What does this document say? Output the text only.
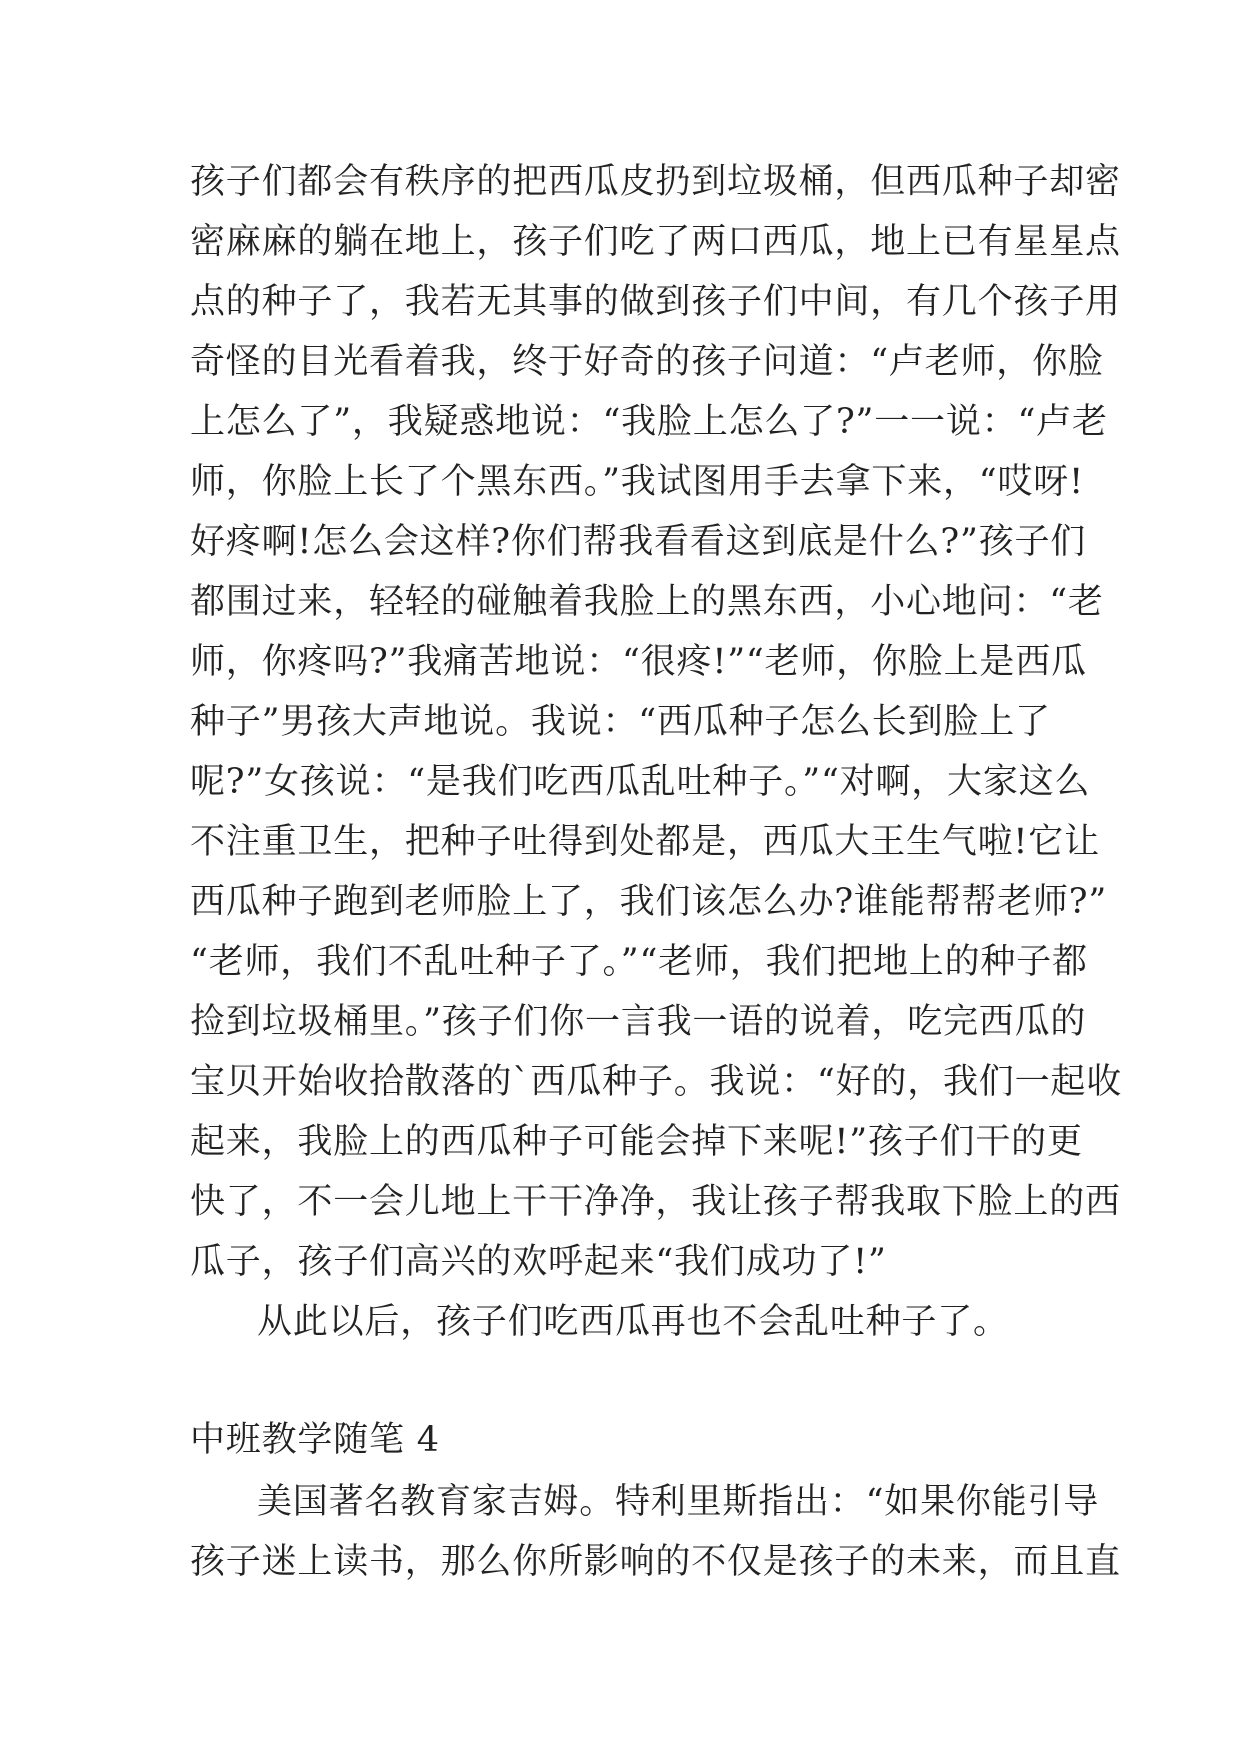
孩子们都会有秩序的把西瓜皮扔到垃圾桶，但西瓜种子却密
密麻麻的躺在地上，孩子们吃了两口西瓜，地上已有星星点
点的种子了，我若无其事的做到孩子们中间，有几个孩子用
奇怪的目光看着我，终于好奇的孩子问道：“卢老师，你脸
上怎么了”，我疑惑地说：“我脸上怎么了?”一一说：“卢老
师，你脸上长了个黑东西。”我试图用手去拿下来，“哎呀!
好疼啊!怎么会这样?你们帮我看看这到底是什么?”孩子们
都围过来，轻轻的碰触着我脸上的黑东西，小心地问：“老
师，你疼吗?”我痛苦地说：“很疼!”“老师，你脸上是西瓜
种子”男孩大声地说。我说：“西瓜种子怎么长到脸上了
呢?”女孩说：“是我们吃西瓜乱吐种子。”“对啊，大家这么
不注重卫生，把种子吐得到处都是，西瓜大王生气啦!它让
西瓜种子跑到老师脸上了，我们该怎么办?谁能帮帮老师?”
“老师，我们不乱吐种子了。”“老师，我们把地上的种子都
捡到垃圾桶里。”孩子们你一言我一语的说着，吃完西瓜的
宝贝开始收拾散落的`西瓜种子。我说：“好的，我们一起收
起来，我脸上的西瓜种子可能会掉下来呢!”孩子们干的更
快了，不一会儿地上干干净净，我让孩子帮我取下脸上的西
瓜子，孩子们高兴的欢呼起来“我们成功了!”
从此以后，孩子们吃西瓜再也不会乱吐种子了。
中班教学随笔 4
美国著名教育家吉姆。特利里斯指出：“如果你能引导
孩子迷上读书，那么你所影响的不仅是孩子的未来，而且直
